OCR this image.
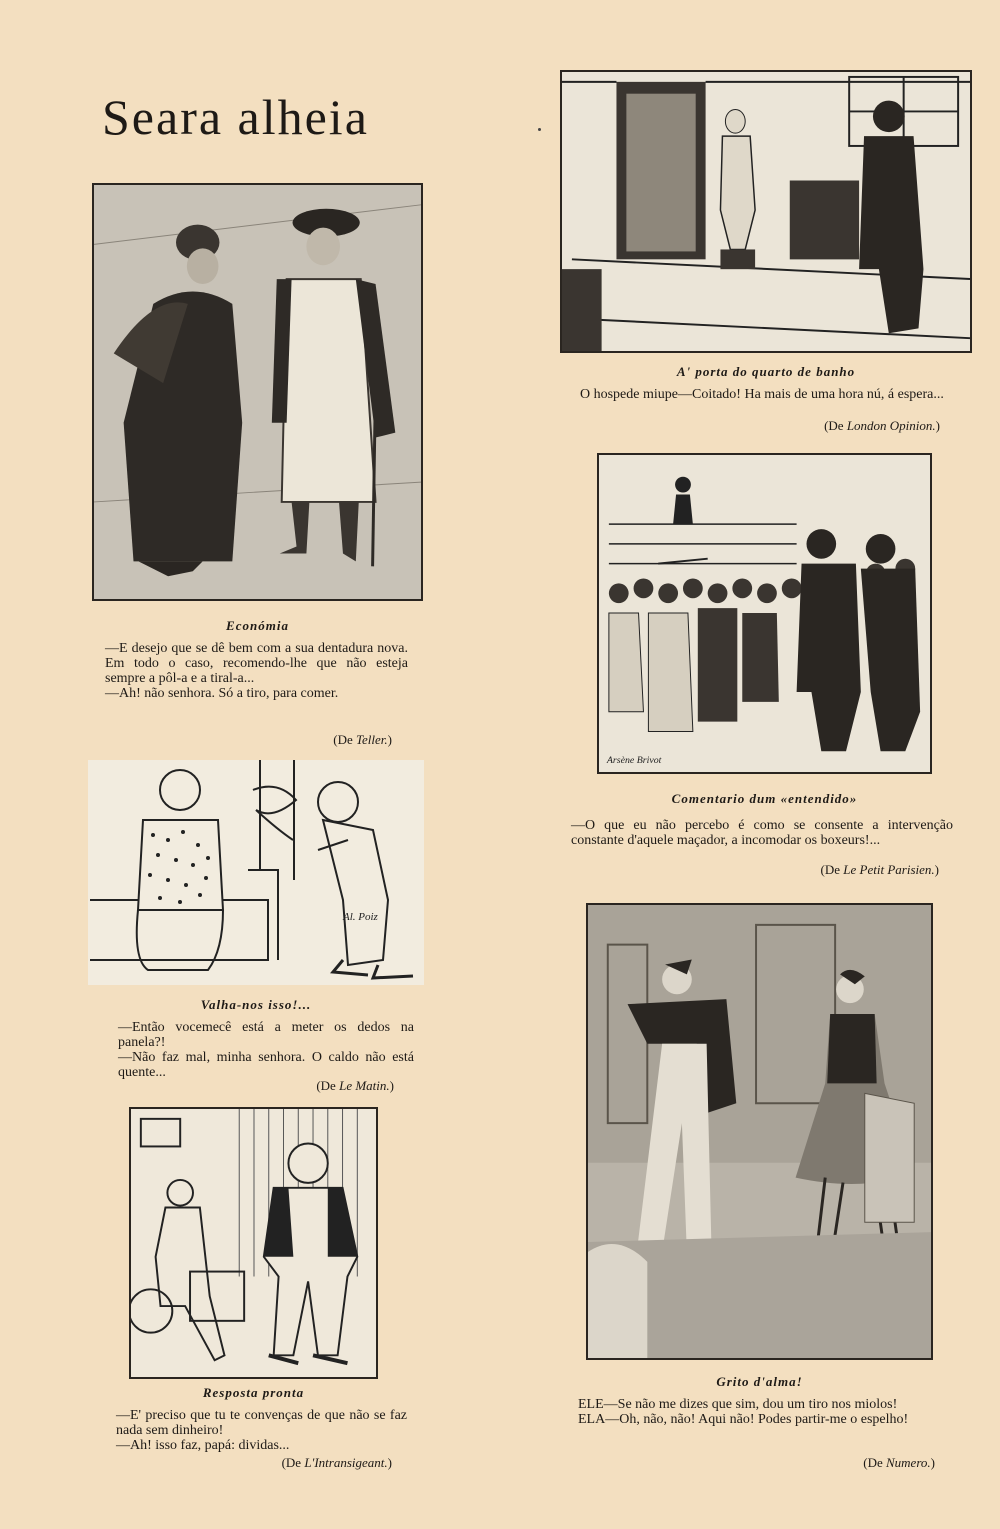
Seara alheia
Económia

—E desejo que se dê bem com a sua dentadura nova. Em todo o caso, recomendo-lhe que não esteja sempre a pôl-a e a tiral-a...

—Ah! não senhora. Só a tiro, para comer.

(De Teller.)
Al. Poiz
Valha-nos isso!...

—Então vocemecê está a meter os dedos na panela?!

—Não faz mal, minha senhora. O caldo não está quente...

(De Le Matin.)
Resposta pronta

—E' preciso que tu te convenças de que não se faz nada sem dinheiro!

—Ah! isso faz, papá: dividas...

(De L'Intransigeant.)
A' porta do quarto de banho

O hospede miupe—Coitado! Ha mais de uma hora nú, á espera...

(De London Opinion.)
Arsène Brivot
Comentario dum «entendido»

—O que eu não percebo é como se consente a intervenção constante d'aquele maçador, a incomodar os boxeurs!...

(De Le Petit Parisien.)
Grito d'alma!

ELE—Se não me dizes que sim, dou um tiro nos miolos!

ELA—Oh, não, não! Aqui não! Podes partir-me o espelho!

(De Numero.)
